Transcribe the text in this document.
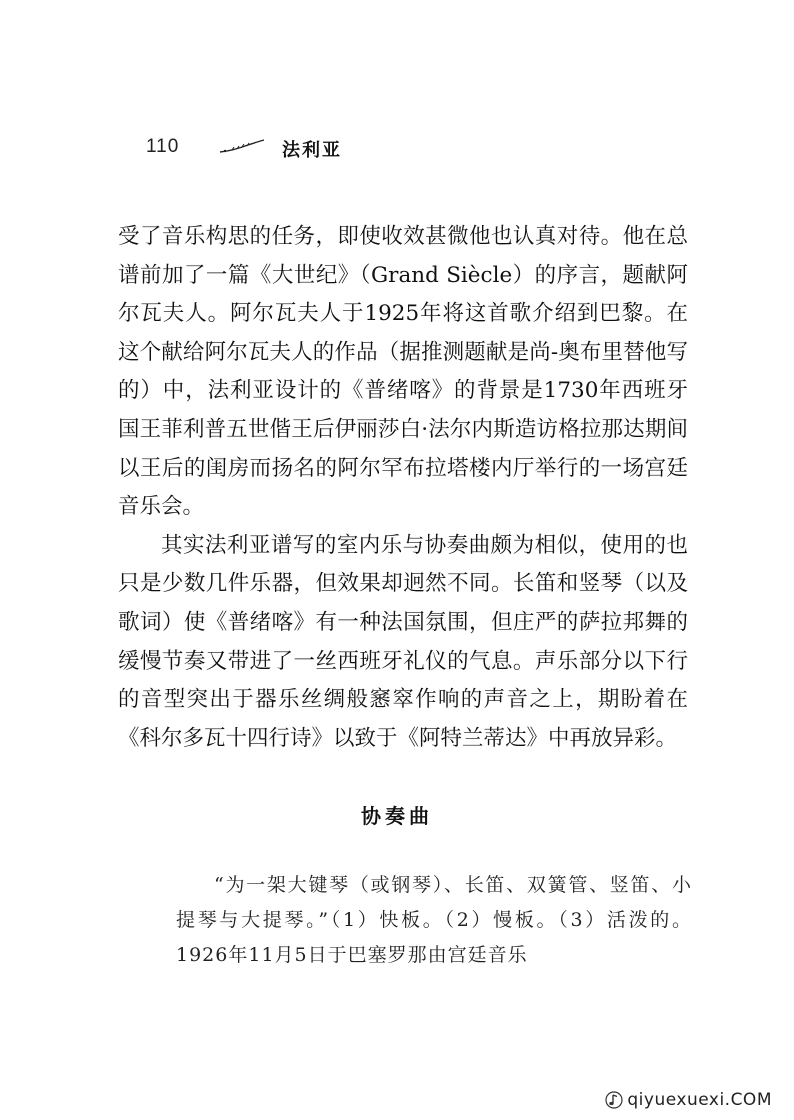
110	法利亚

受了音乐构思的任务，即使收效甚微他也认真对待。他在总谱前加了一篇《大世纪》（Grand Siècle）的序言，题献阿尔瓦夫人。阿尔瓦夫人于1925年将这首歌介绍到巴黎。在这个献给阿尔瓦夫人的作品（据推测题献是尚-奥布里替他写的）中，法利亚设计的《普绪喀》的背景是1730年西班牙国王菲利普五世偕王后伊丽莎白·法尔内斯造访格拉那达期间以王后的闺房而扬名的阿尔罕布拉塔楼内厅举行的一场宫廷音乐会。

其实法利亚谱写的室内乐与协奏曲颇为相似，使用的也只是少数几件乐器，但效果却迥然不同。长笛和竖琴（以及歌词）使《普绪喀》有一种法国氛围，但庄严的萨拉邦舞的缓慢节奏又带进了一丝西班牙礼仪的气息。声乐部分以下行的音型突出于器乐丝绸般窸窣作响的声音之上，期盼着在《科尔多瓦十四行诗》以致于《阿特兰蒂达》中再放异彩。

协奏曲

“为一架大键琴（或钢琴）、长笛、双簧管、竖笛、小提琴与大提琴。”（1）快板。（2）慢板。（3）活泼的。1926年11月5日于巴塞罗那由宫廷音乐

qiyuexuexi.COM
